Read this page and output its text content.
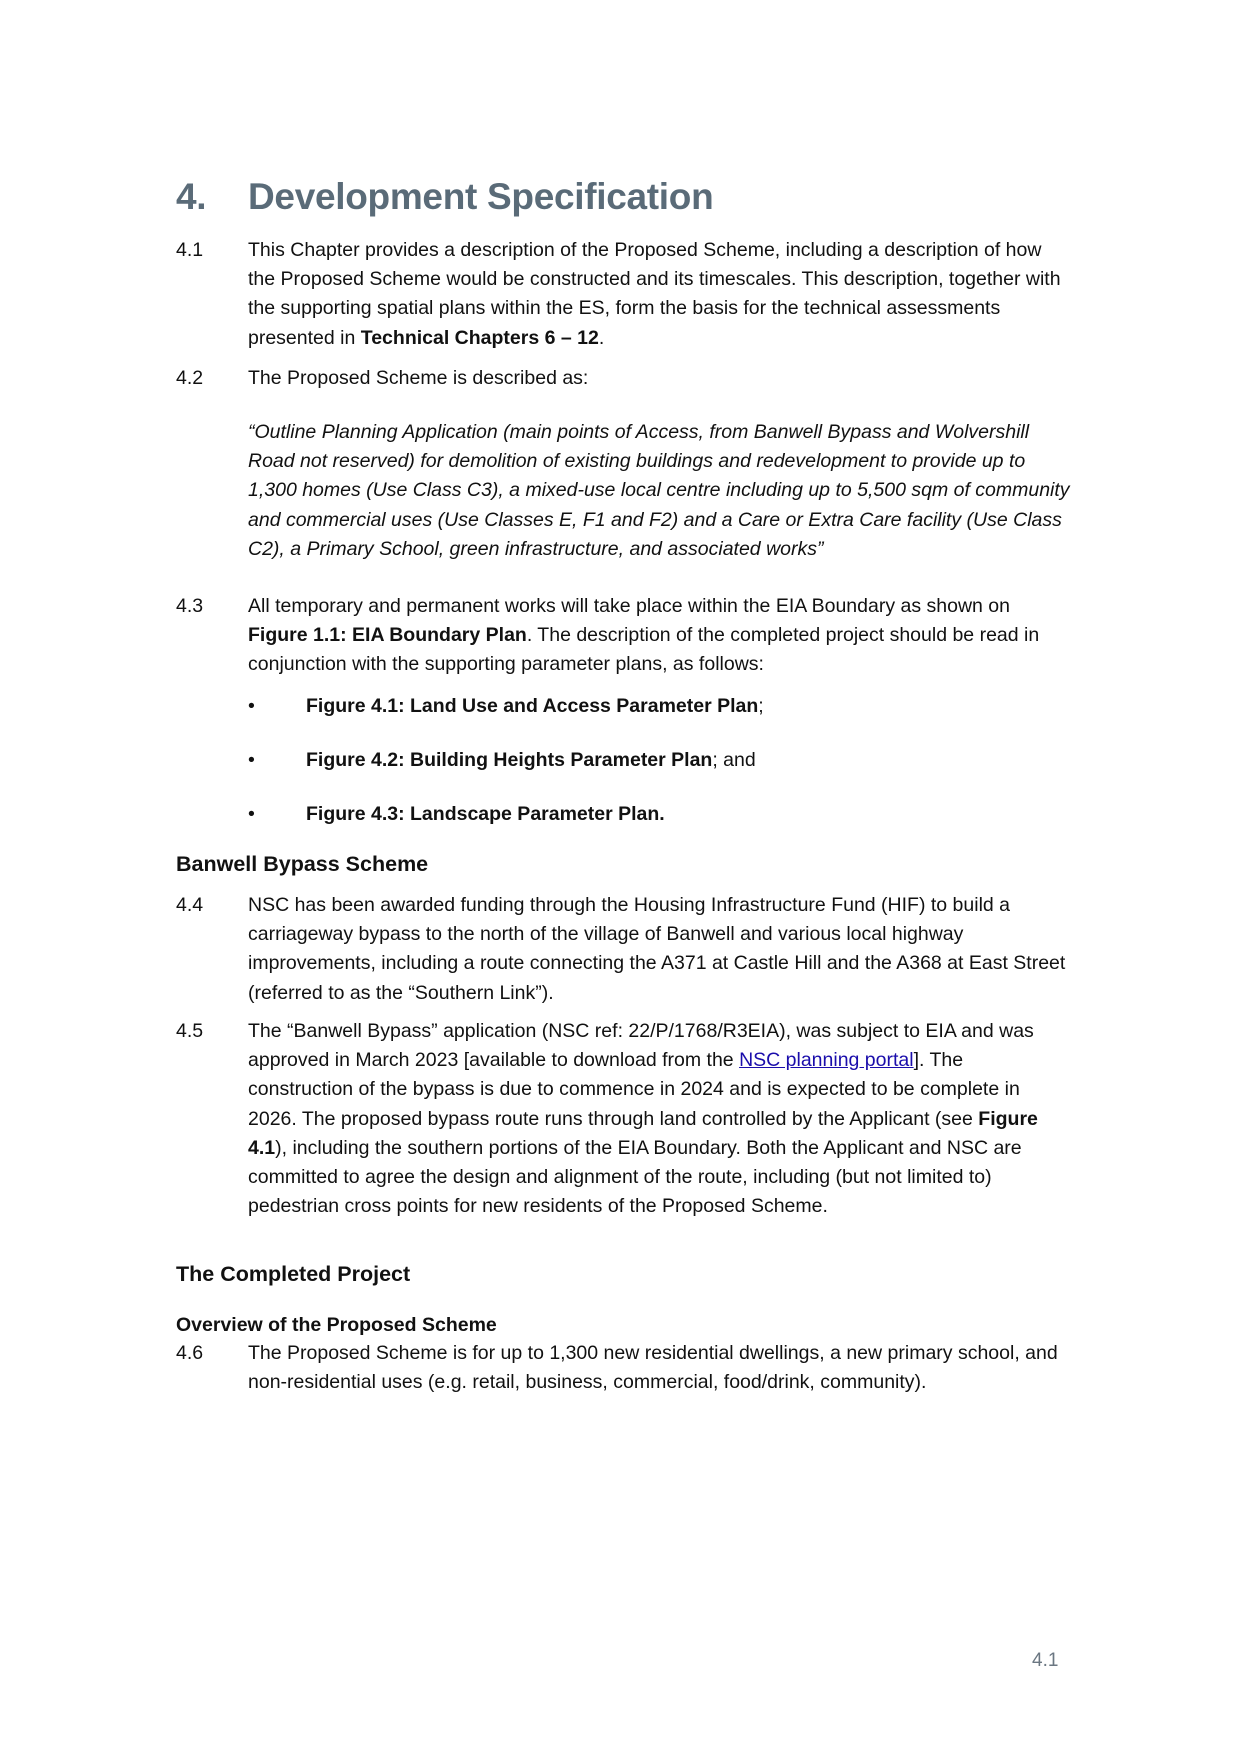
4. Development Specification
4.1	This Chapter provides a description of the Proposed Scheme, including a description of how the Proposed Scheme would be constructed and its timescales. This description, together with the supporting spatial plans within the ES, form the basis for the technical assessments presented in Technical Chapters 6 – 12.
4.2	The Proposed Scheme is described as:
“Outline Planning Application (main points of Access, from Banwell Bypass and Wolvershill Road not reserved) for demolition of existing buildings and redevelopment to provide up to 1,300 homes (Use Class C3), a mixed-use local centre including up to 5,500 sqm of community and commercial uses (Use Classes E, F1 and F2) and a Care or Extra Care facility (Use Class C2), a Primary School, green infrastructure, and associated works”
4.3	All temporary and permanent works will take place within the EIA Boundary as shown on Figure 1.1: EIA Boundary Plan. The description of the completed project should be read in conjunction with the supporting parameter plans, as follows:
•	Figure 4.1: Land Use and Access Parameter Plan;
•	Figure 4.2: Building Heights Parameter Plan; and
•	Figure 4.3: Landscape Parameter Plan.
Banwell Bypass Scheme
4.4	NSC has been awarded funding through the Housing Infrastructure Fund (HIF) to build a carriageway bypass to the north of the village of Banwell and various local highway improvements, including a route connecting the A371 at Castle Hill and the A368 at East Street (referred to as the “Southern Link”).
4.5	The “Banwell Bypass” application (NSC ref: 22/P/1768/R3EIA), was subject to EIA and was approved in March 2023 [available to download from the NSC planning portal]. The construction of the bypass is due to commence in 2024 and is expected to be complete in 2026. The proposed bypass route runs through land controlled by the Applicant (see Figure 4.1), including the southern portions of the EIA Boundary. Both the Applicant and NSC are committed to agree the design and alignment of the route, including (but not limited to) pedestrian cross points for new residents of the Proposed Scheme.
The Completed Project
Overview of the Proposed Scheme
4.6	The Proposed Scheme is for up to 1,300 new residential dwellings, a new primary school, and non-residential uses (e.g. retail, business, commercial, food/drink, community).
4.1
